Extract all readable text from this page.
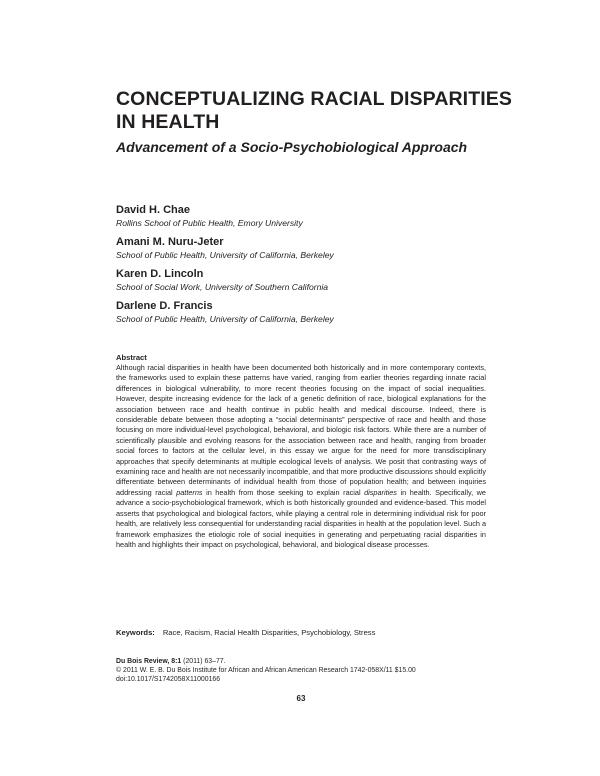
CONCEPTUALIZING RACIAL DISPARITIES IN HEALTH
Advancement of a Socio-Psychobiological Approach
David H. Chae
Rollins School of Public Health, Emory University
Amani M. Nuru-Jeter
School of Public Health, University of California, Berkeley
Karen D. Lincoln
School of Social Work, University of Southern California
Darlene D. Francis
School of Public Health, University of California, Berkeley
Abstract

Although racial disparities in health have been documented both historically and in more contemporary contexts, the frameworks used to explain these patterns have varied, ranging from earlier theories regarding innate racial differences in biological vulnerability, to more recent theories focusing on the impact of social inequalities. However, despite increasing evidence for the lack of a genetic definition of race, biological explanations for the association between race and health continue in public health and medical discourse. Indeed, there is considerable debate between those adopting a “social determinants” perspective of race and health and those focusing on more individual-level psychological, behavioral, and biologic risk factors. While there are a number of scientifically plausible and evolving reasons for the association between race and health, ranging from broader social forces to factors at the cellular level, in this essay we argue for the need for more transdisciplinary approaches that specify determinants at multiple ecological levels of analysis. We posit that contrasting ways of examining race and health are not necessarily incompatible, and that more productive discussions should explicitly differentiate between determinants of individual health from those of population health; and between inquiries addressing racial patterns in health from those seeking to explain racial disparities in health. Specifically, we advance a socio-psychobiological framework, which is both historically grounded and evidence-based. This model asserts that psychological and biological factors, while playing a central role in determining individual risk for poor health, are relatively less consequential for understanding racial disparities in health at the population level. Such a framework emphasizes the etiologic role of social inequities in generating and perpetuating racial disparities in health and highlights their impact on psychological, behavioral, and biological disease processes.

Keywords: Race, Racism, Racial Health Disparities, Psychobiology, Stress
Du Bois Review, 8:1 (2011) 63–77.
© 2011 W. E. B. Du Bois Institute for African and African American Research 1742-058X/11 $15.00
doi:10.1017/S1742058X11000166
63
